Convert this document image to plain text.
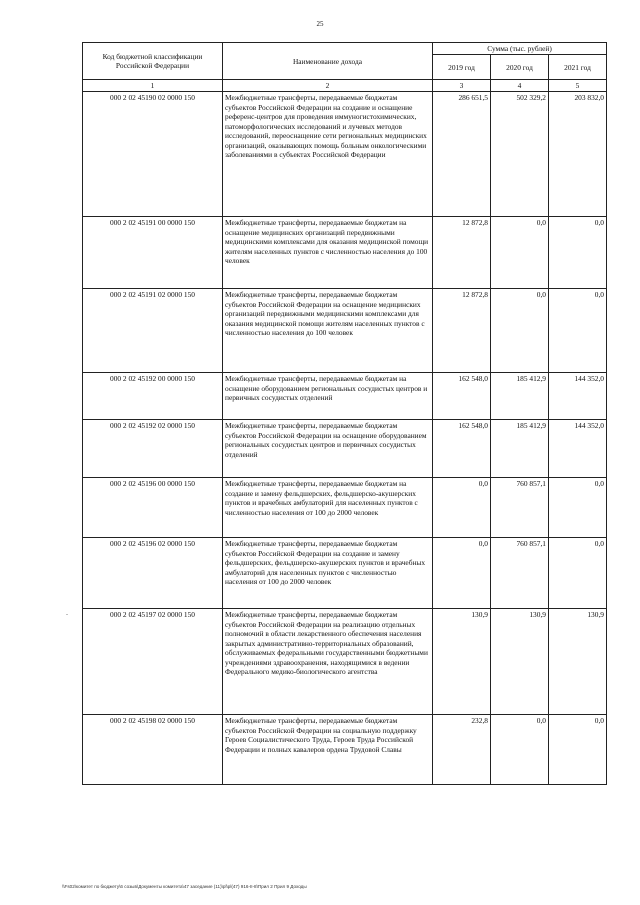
25
Код бюджетной классификации Российской Федерации	Наименование дохода	Сумма (тыс. рублей)		
		2019 год	2020 год	2021 год
1	2	3	4	5
000 2 02 45190 02 0000 150	Межбюджетные трансферты, передаваемые бюджетам субъектов Российской Федерации на создание и оснащение референс-центров для проведения иммуногистохимических, патоморфологических исследований и лучевых методов исследований, переоснащение сети региональных медицинских организаций, оказывающих помощь больным онкологическими заболеваниями в субъектах Российской Федерации	286 651,5	502 329,2	203 832,0
000 2 02 45191 00 0000 150	Межбюджетные трансферты, передаваемые бюджетам на оснащение медицинских организаций передвижными медицинскими комплексами для оказания медицинской помощи жителям населенных пунктов с численностью населения до 100 человек	12 872,8	0,0	0,0
000 2 02 45191 02 0000 150	Межбюджетные трансферты, передаваемые бюджетам субъектов Российской Федерации на оснащение медицинских организаций передвижными медицинскими комплексами для оказания медицинской помощи жителям населенных пунктов с численностью населения до 100 человек	12 872,8	0,0	0,0
000 2 02 45192 00 0000 150	Межбюджетные трансферты, передаваемые бюджетам на оснащение оборудованием региональных сосудистых центров и первичных сосудистых отделений	162 548,0	185 412,9	144 352,0
000 2 02 45192 02 0000 150	Межбюджетные трансферты, передаваемые бюджетам субъектов Российской Федерации на оснащение оборудованием региональных сосудистых центров и первичных сосудистых отделений	162 548,0	185 412,9	144 352,0
000 2 02 45196 00 0000 150	Межбюджетные трансферты, передаваемые бюджетам на создание и замену фельдшерских, фельдшерско-акушерских пунктов и врачебных амбулаторий для населенных пунктов с численностью населения от 100 до 2000 человек	0,0	760 857,1	0,0
000 2 02 45196 02 0000 150	Межбюджетные трансферты, передаваемые бюджетам субъектов Российской Федерации на создание и замену фельдшерских, фельдшерско-акушерских пунктов и врачебных амбулаторий для населенных пунктов с численностью населения от 100 до 2000 человек	0,0	760 857,1	0,0
000 2 02 45197 02 0000 150	Межбюджетные трансферты, передаваемые бюджетам субъектов Российской Федерации на реализацию отдельных полномочий в области лекарственного обеспечения населения закрытых административно-территориальных образований, обслуживаемых федеральными государственными бюджетными учреждениями здравоохранения, находящимися в ведении Федерального медико-биологического агентства	130,9	130,9	130,9
000 2 02 45198 02 0000 150	Межбюджетные трансферты, передаваемые бюджетам субъектов Российской Федерации на социальную поддержку Героев Социалистического Труда, Героев Труда Российской Федерации и полных кавалеров ордена Трудовой Славы	232,8	0,0	0,0
-
\\Fs02\комитет по бюджету\6 созыв\Документы комитета\47 заседание (11)\pl\pl(47) 916-II-8\Прил 2 Прил 9 Доходы
